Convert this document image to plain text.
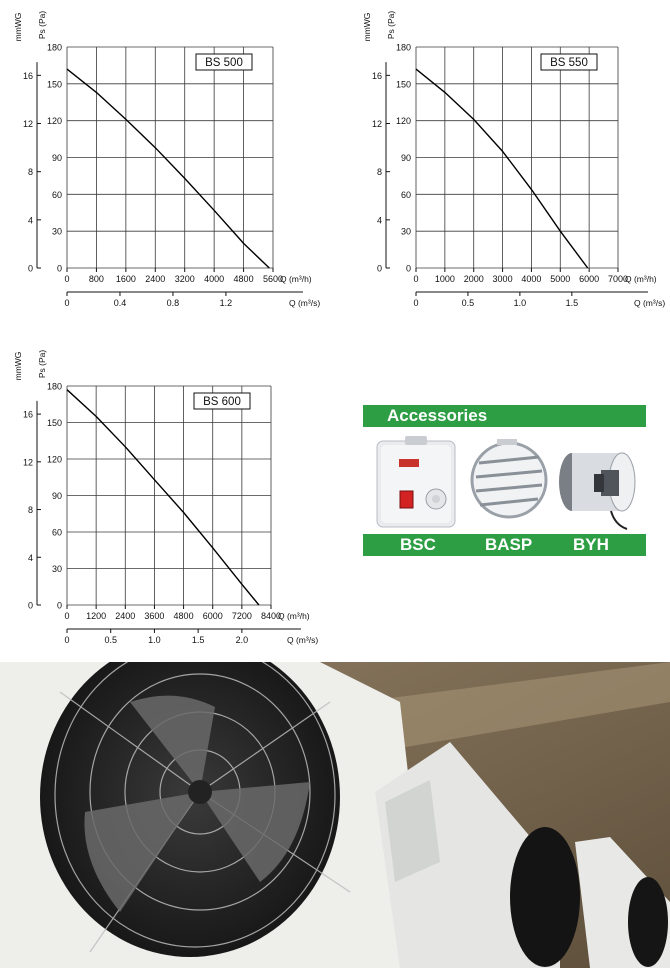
0
30
60
90
120
150
180
0
4
8
12
16
mmWG Ps (Pa)
0 800 1600 2400 3200 4000 4800 5600
Q (m³/h)
0	0.4	0.8	1.2	Q (m³/s)
BS 500
0
30
60
90
120
150
180
0
4
8
12
16
mmWG Ps (Pa)
0 1000 2000 3000 4000 5000 6000 7000
Q (m³/h)
0	0.5	1.0	1.5	Q (m³/s)
BS 550
0
30
60
90
120
150
180
0
4
8
12
16
mmWG Ps (Pa)
0 1200 2400 3600 4800 6000 7200 8400
Q (m³/h)
0	0.5	1.0	1.5	2.0	Q (m³/s)
BS 600
Accessories
BSC	BASP BYH
